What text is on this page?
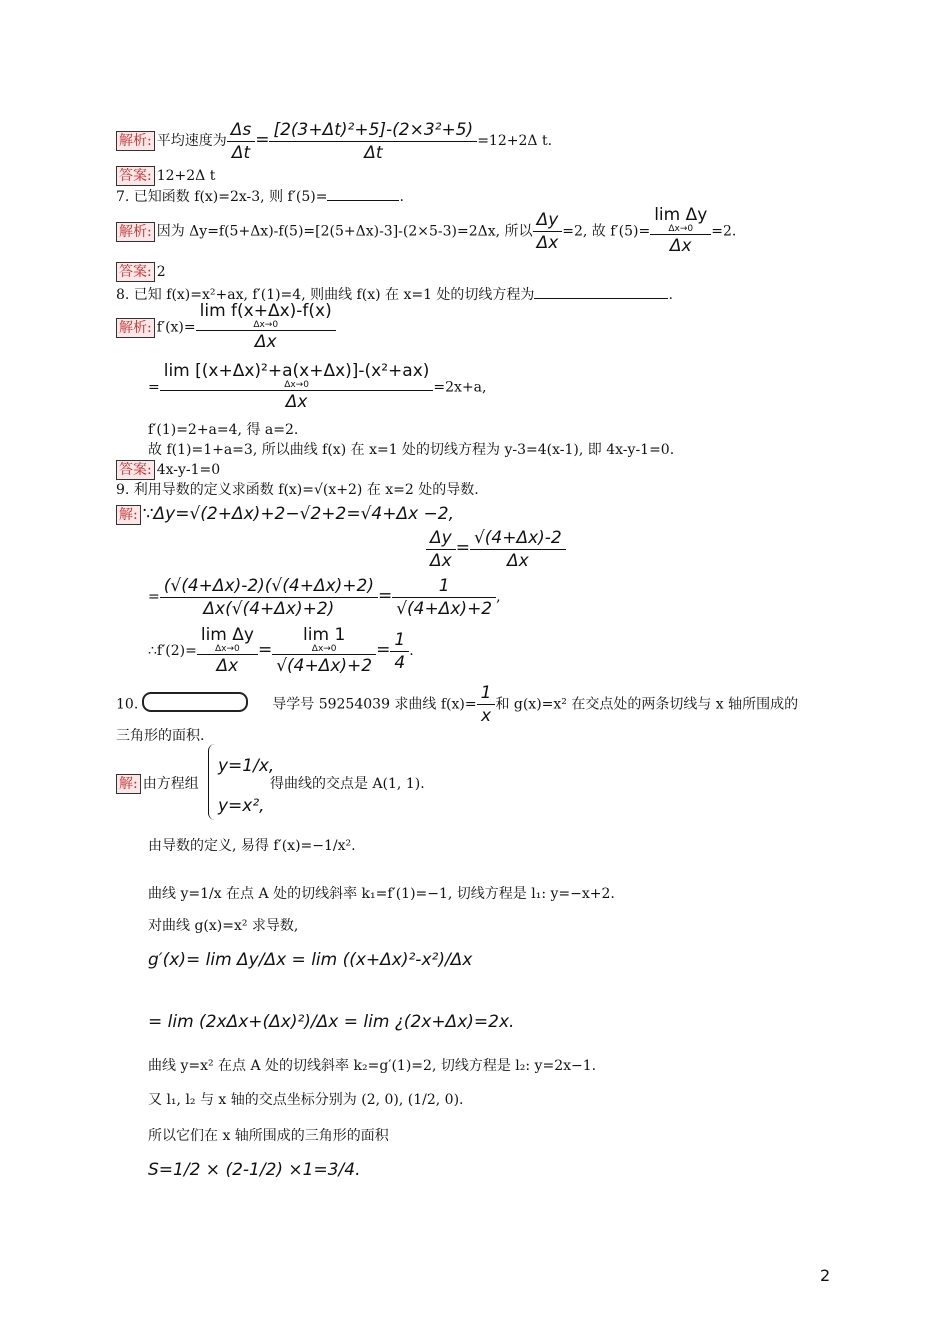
解析: 平均速度为 $\frac{\Delta s}{\Delta t} = \frac{\text{[2(3+Δt)²+5]-(2×3²+5)}}{\Delta t} =12+2\Delta$ t.
答案: 12+2Δ t
7. 已知函数 f(x)=2x-3, 则 f′(5)=	.
解析: 因为 Δy=f(5+Δx)-f(5)=[2(5+Δx)-3]-(2×5-3)=2Δx, 所以 $\frac{\Delta y}{\Delta x} =2$, 故 f′(5)= lim Δy
Δx→0
Δx =2.
答案: 2
8. 已知 f(x)=x²+ax, f′(1)=4, 则曲线 f(x) 在 x=1 处的切线方程为	.
解析: f′(x)= lim f(x+Δx)-f(x)
Δx→0
Δx
= lim [(x+Δx)²+a(x+Δx)]-(x²+ax)
Δx→0
Δx =2x+a,
f′(1)=2+a=4, 得 a=2.
故 f(1)=1+a=3, 所以曲线 f(x) 在 x=1 处的切线方程为 y-3=4(x-1), 即 4x-y-1=0.
答案: 4x-y-1=0
9. 利用导数的定义求函数 f(x)=√(x+2) 在 x=2 处的导数.
解: ∵Δy=√(2+Δx)+2−√2+2=√4+Δx −2,
$\frac{\Delta y}{\Delta x} = \frac{√(4+\Delta x)-2}{\Delta x}$
= $\frac{(√(4+\Delta x)-2)(√(4+\Delta x)+2)}{\Delta x(√(4+\Delta x)+2)} = \frac{1}{√(4+\Delta x)+2}$ ,
∴f′(2)= lim Δy
Δx→0
Δx = lim 1
Δx→0
$√(4+\Delta x)+2 = \frac{1}{4}$ .
10.	导学号 59254039 求曲线 $f(x)= \frac{1}{x}$ 和 g(x)=x² 在交点处的两条切线与 x 轴所围成的
三角形的面积.
解: 由方程组
y=1/x,
y=x²,
得曲线的交点是 A(1, 1).
由导数的定义, 易得 f′(x)=−1/x².
曲线 y=1/x 在点 A 处的切线斜率 k₁=f′(1)=−1, 切线方程是 l₁: y=−x+2.
对曲线 g(x)=x² 求导数,
g′(x)= lim Δy/Δx = lim ((x+Δx)²-x²)/Δx
= lim (2xΔx+(Δx)²)/Δx = lim ¿(2x+Δx)=2x.
曲线 y=x² 在点 A 处的切线斜率 k₂=g′(1)=2, 切线方程是 l₂: y=2x−1.
又 l₁, l₂ 与 x 轴的交点坐标分别为 (2, 0), (1/2, 0).
所以它们在 x 轴所围成的三角形的面积
S=1/2 × (2-1/2) ×1=3/4.
2
